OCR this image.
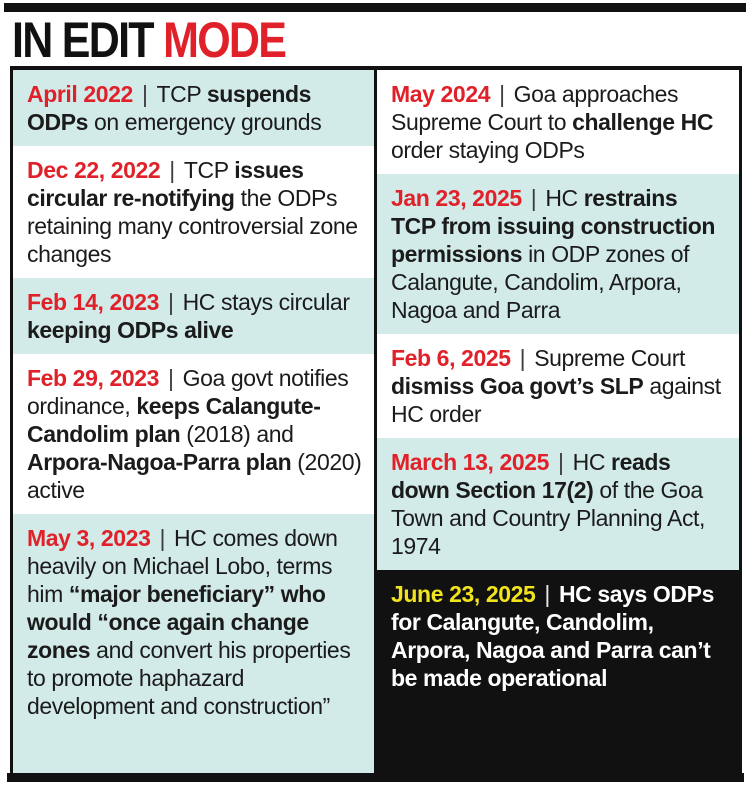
IN EDIT MODE
April 2022 | TCP suspends ODPs on emergency grounds
Dec 22, 2022 | TCP issues circular re-notifying the ODPs retaining many controversial zone changes
Feb 14, 2023 | HC stays circular keeping ODPs alive
Feb 29, 2023 | Goa govt notifies ordinance, keeps Calangute-Candolim plan (2018) and Arpora-Nagoa-Parra plan (2020) active
May 3, 2023 | HC comes down heavily on Michael Lobo, terms him “major beneficiary” who would “once again change zones and convert his properties to promote haphazard development and construction”
May 2024 | Goa approaches Supreme Court to challenge HC order staying ODPs
Jan 23, 2025 | HC restrains TCP from issuing construction permissions in ODP zones of Calangute, Candolim, Arpora, Nagoa and Parra
Feb 6, 2025 | Supreme Court dismiss Goa govt’s SLP against HC order
March 13, 2025 | HC reads down Section 17(2) of the Goa Town and Country Planning Act, 1974
June 23, 2025 | HC says ODPs for Calangute, Candolim, Arpora, Nagoa and Parra can’t be made operational
